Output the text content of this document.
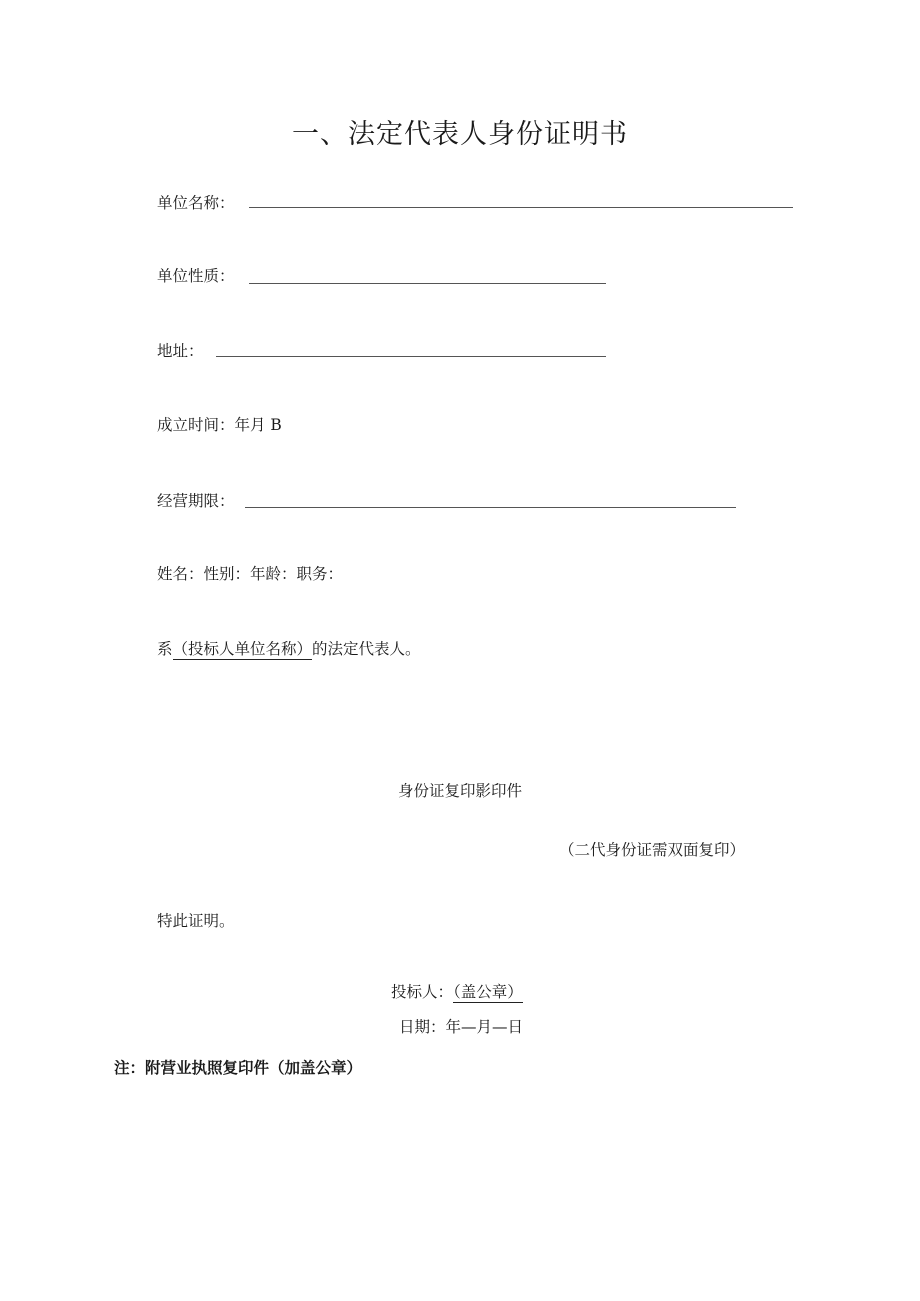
一、法定代表人身份证明书
单位名称：
单位性质：
地址：
成立时间：年月 B
经营期限：
姓名：性别：年龄：职务：
系（投标人单位名称）的法定代表人。
身份证复印影印件
（二代身份证需双面复印）
特此证明。
投标人：（盖公章）
日期：年—月—日
注：附营业执照复印件（加盖公章）
